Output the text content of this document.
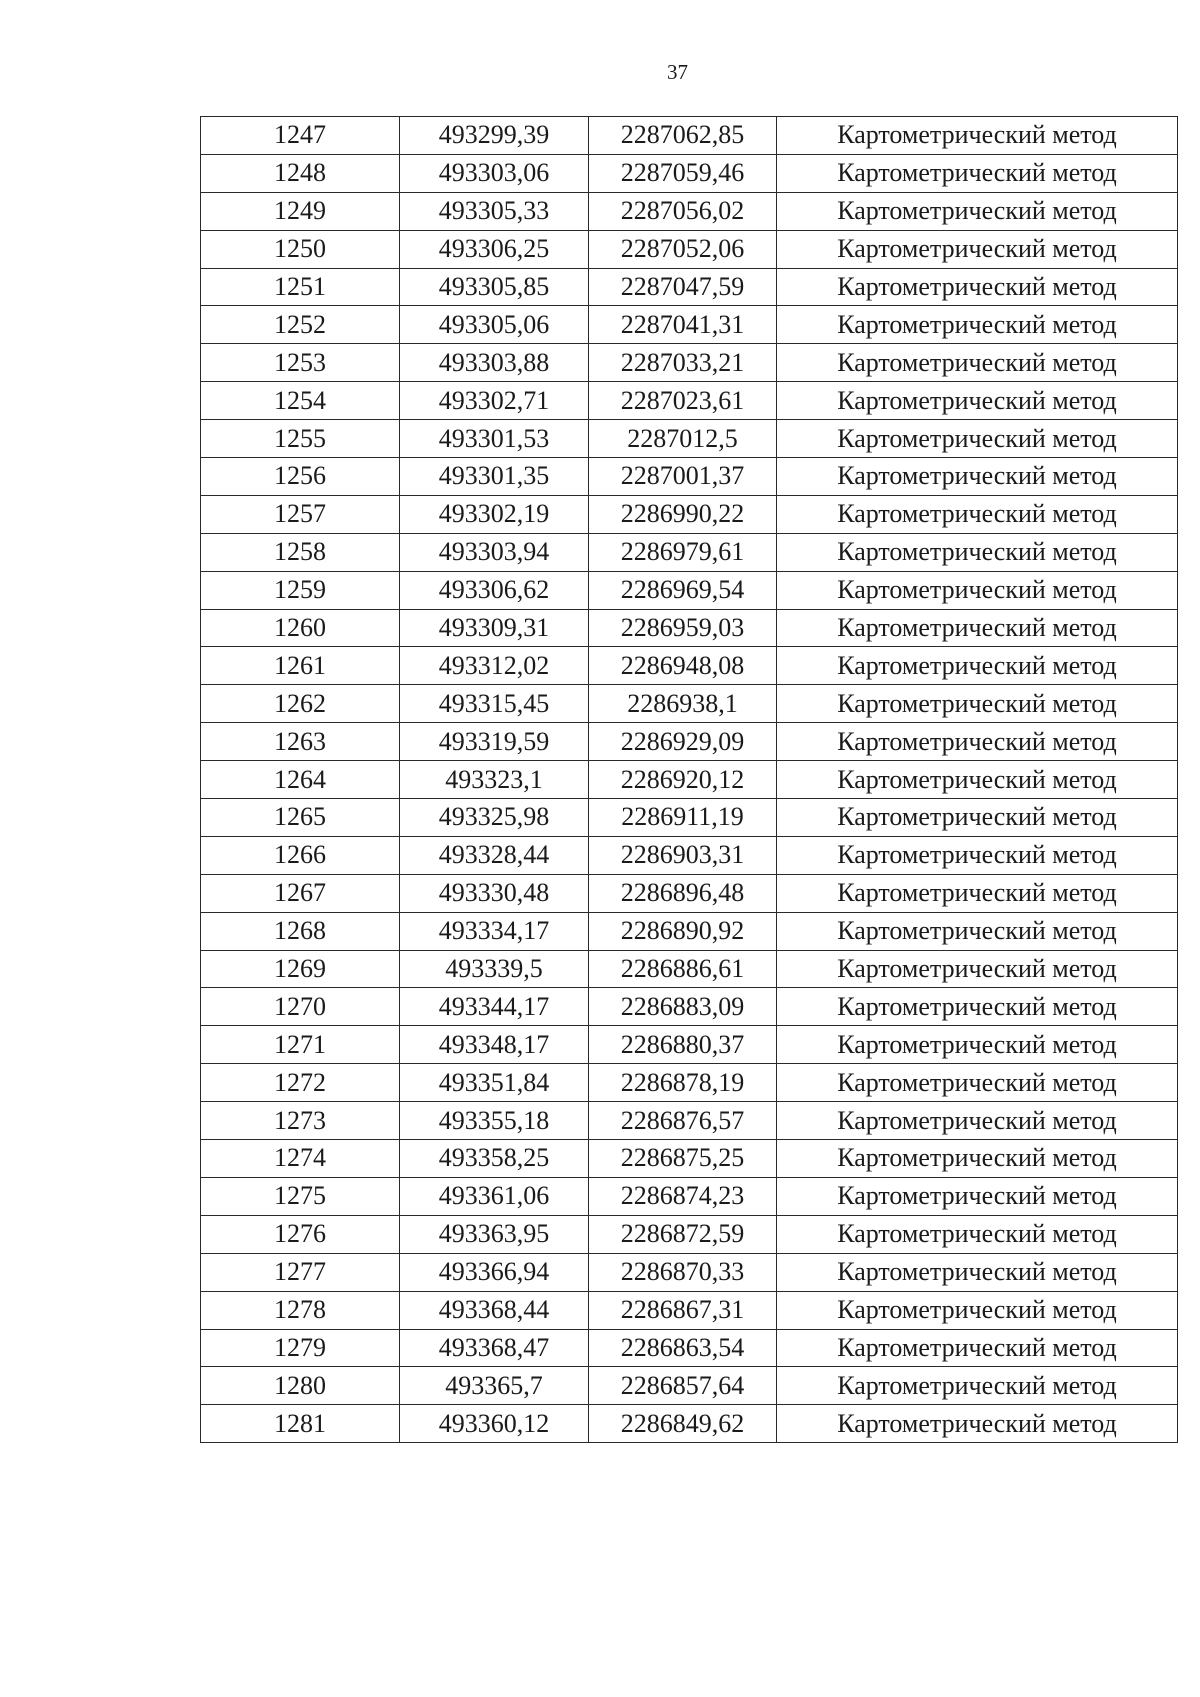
37
1247	493299,39	2287062,85	Картометрический метод
1248	493303,06	2287059,46	Картометрический метод
1249	493305,33	2287056,02	Картометрический метод
1250	493306,25	2287052,06	Картометрический метод
1251	493305,85	2287047,59	Картометрический метод
1252	493305,06	2287041,31	Картометрический метод
1253	493303,88	2287033,21	Картометрический метод
1254	493302,71	2287023,61	Картометрический метод
1255	493301,53	2287012,5	Картометрический метод
1256	493301,35	2287001,37	Картометрический метод
1257	493302,19	2286990,22	Картометрический метод
1258	493303,94	2286979,61	Картометрический метод
1259	493306,62	2286969,54	Картометрический метод
1260	493309,31	2286959,03	Картометрический метод
1261	493312,02	2286948,08	Картометрический метод
1262	493315,45	2286938,1	Картометрический метод
1263	493319,59	2286929,09	Картометрический метод
1264	493323,1	2286920,12	Картометрический метод
1265	493325,98	2286911,19	Картометрический метод
1266	493328,44	2286903,31	Картометрический метод
1267	493330,48	2286896,48	Картометрический метод
1268	493334,17	2286890,92	Картометрический метод
1269	493339,5	2286886,61	Картометрический метод
1270	493344,17	2286883,09	Картометрический метод
1271	493348,17	2286880,37	Картометрический метод
1272	493351,84	2286878,19	Картометрический метод
1273	493355,18	2286876,57	Картометрический метод
1274	493358,25	2286875,25	Картометрический метод
1275	493361,06	2286874,23	Картометрический метод
1276	493363,95	2286872,59	Картометрический метод
1277	493366,94	2286870,33	Картометрический метод
1278	493368,44	2286867,31	Картометрический метод
1279	493368,47	2286863,54	Картометрический метод
1280	493365,7	2286857,64	Картометрический метод
1281	493360,12	2286849,62	Картометрический метод
